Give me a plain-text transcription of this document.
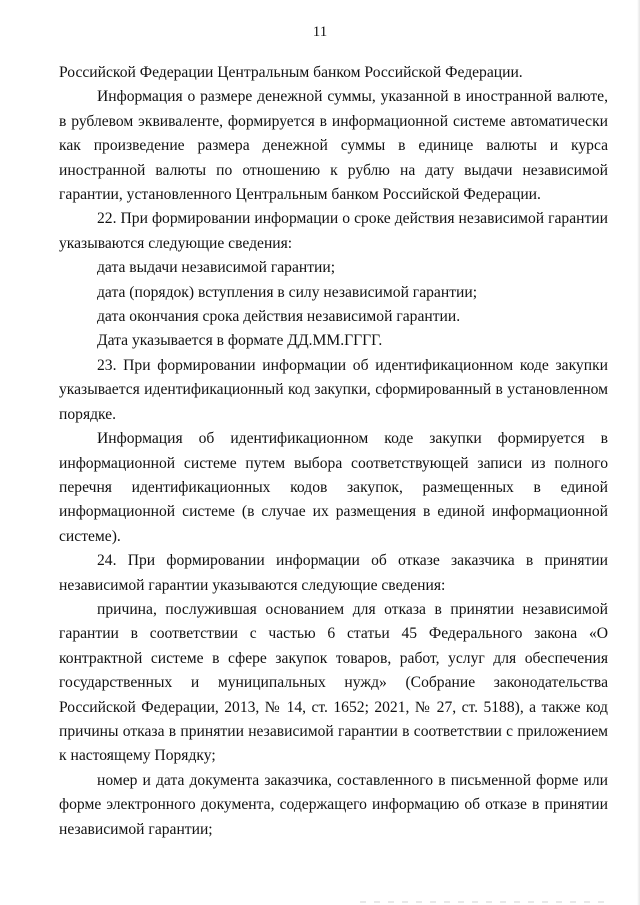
11

Российской Федерации Центральным банком Российской Федерации.

Информация о размере денежной суммы, указанной в иностранной валюте, в рублевом эквиваленте, формируется в информационной системе автоматически как произведение размера денежной суммы в единице валюты и курса иностранной валюты по отношению к рублю на дату выдачи независимой гарантии, установленного Центральным банком Российской Федерации.

22. При формировании информации о сроке действия независимой гарантии указываются следующие сведения:

дата выдачи независимой гарантии;

дата (порядок) вступления в силу независимой гарантии;

дата окончания срока действия независимой гарантии.

Дата указывается в формате ДД.ММ.ГГГГ.

23. При формировании информации об идентификационном коде закупки указывается идентификационный код закупки, сформированный в установленном порядке.

Информация об идентификационном коде закупки формируется в информационной системе путем выбора соответствующей записи из полного перечня идентификационных кодов закупок, размещенных в единой информационной системе (в случае их размещения в единой информационной системе).

24. При формировании информации об отказе заказчика в принятии независимой гарантии указываются следующие сведения:

причина, послужившая основанием для отказа в принятии независимой гарантии в соответствии с частью 6 статьи 45 Федерального закона «О контрактной системе в сфере закупок товаров, работ, услуг для обеспечения государственных и муниципальных нужд» (Собрание законодательства Российской Федерации, 2013, № 14, ст. 1652; 2021, № 27, ст. 5188), а также код причины отказа в принятии независимой гарантии в соответствии с приложением к настоящему Порядку;

номер и дата документа заказчика, составленного в письменной форме или форме электронного документа, содержащего информацию об отказе в принятии независимой гарантии;
